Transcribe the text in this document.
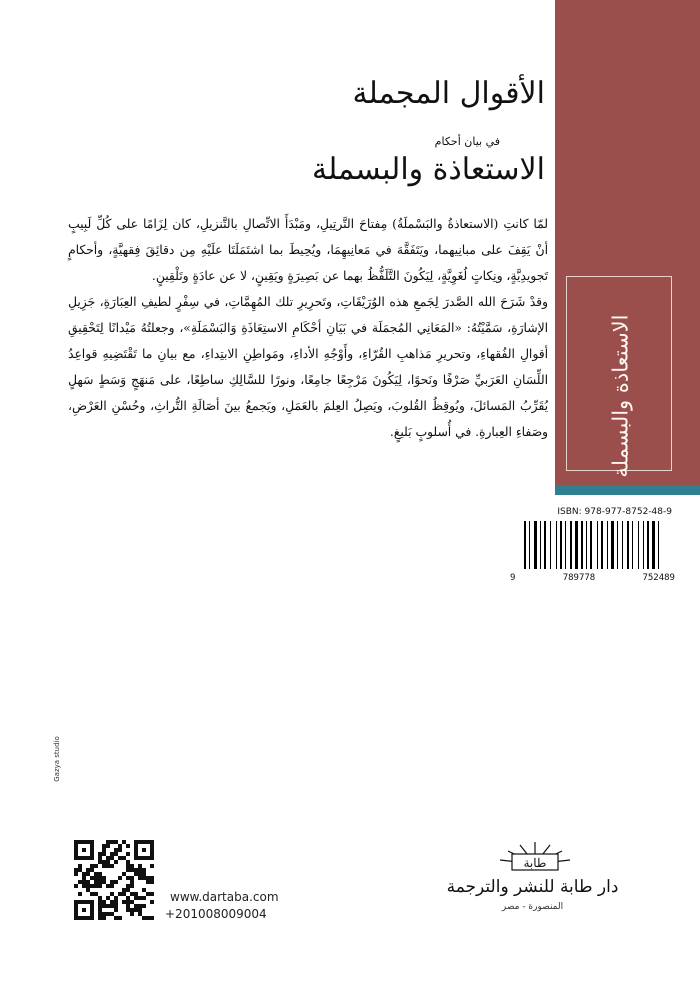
الاستعاذة والبسملة
الأقوال المجملة
في بيان أحكام
الاستعاذة والبسملة

لمّا كانتِ (الاستعاذةُ والبَسْملَةُ) مِفتاحَ التَّرتِيلِ، ومَبْدَأَ الاتِّصالِ بالتَّنزيلِ، كان لِزَامًا على كُلِّ لَبِيبٍ أنْ يَقِفَ على مبانِيهما، ويَتَفَقَّهَ في مَعانِيهِمَا، ويُحِيطَ بما اشتَمَلَتَا علَيْهِ مِن دقائِقَ فِقهيَّةٍ، وأحكامٍ تَجويدِيَّةٍ، ونِكاتٍ لُغَوِيَّةٍ، لِيَكُونَ التَّلَفُّظُ بهما عن بَصِيرَةٍ ويَقِينٍ، لا عن عادَةٍ وتَلْقِينٍ.

وقدْ شَرَحَ الله الصَّدرَ لِجَمعِ هذه الوُرَيْقَاتِ، وتَحرِيرِ تلك المُهِمَّاتِ، في سِفْرٍ لطيفِ العِبَارَةِ، جَزِيلِ الإشارَةِ، سَمَّيْتُهُ: «المَعَانِي المُجمَلَة في بَيَانِ أحْكَامِ الاستِعَاذَةِ وَالبَسْمَلَةِ»، وجعلتُهُ مَيْدانًا لِتَحْقِيقِ أقوالِ الفُقهاءِ، وتحريرِ مَذاهبِ القُرّاءِ، وأَوْجُهِ الأداءِ، ومَواطِنِ الابتِداءِ، مع بيانِ ما تَقْتَضِيهِ قواعِدُ اللِّسَانِ العَرَبيِّ صَرْفًا ونَحوًا، لِيَكُونَ مَرْجِعًا جامِعًا، ونورًا للسَّالِكِ ساطِعًا، على مَنهَجٍ وَسَطٍ سَهلٍ يُقَرِّبُ المَسائلَ، ويُوقِظُ القُلوبَ، ويَصِلُ العِلمَ بالعَمَلِ، ويَجمعُ بينَ أصَالَةِ التُّراثِ، وحُسْنِ العَرْضِ، وصَفاءِ العِبارةِ. في أُسلوبٍ بَليغٍ.

ISBN: 978-977-8752-48-9
9	789778	752489
Gazya studio
www.dartaba.com
+201008009004
طابة
دار طابة للنشر والترجمة
المنصورة - مصر
